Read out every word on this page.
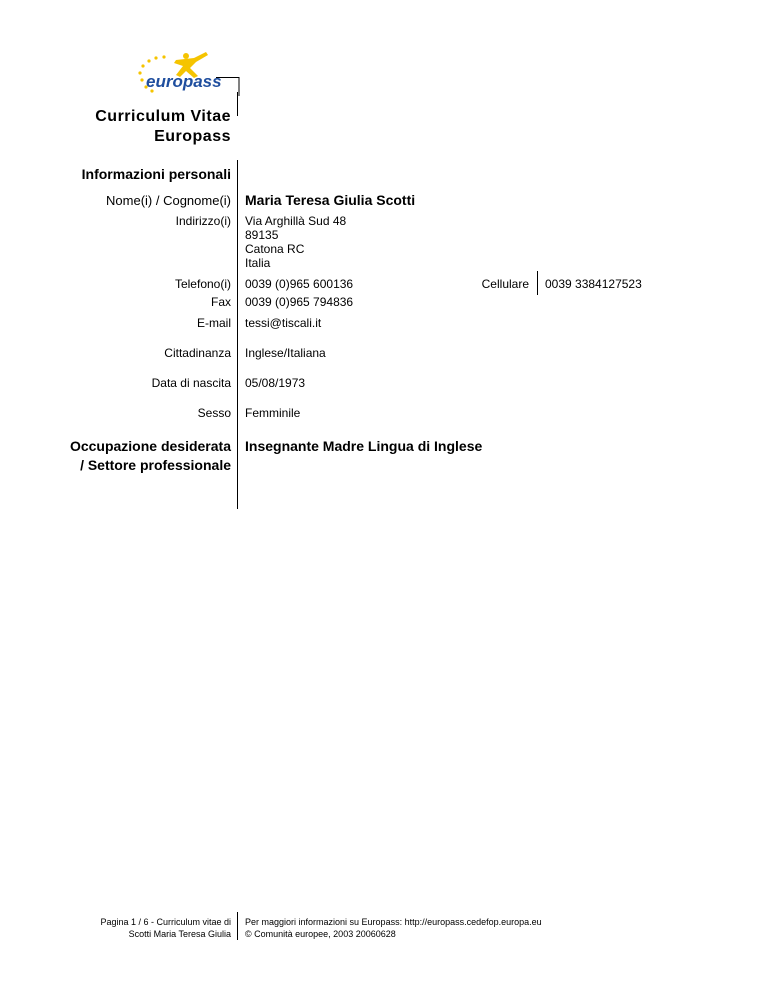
europass
Curriculum Vitae
Europass
Informazioni personali
Nome(i) / Cognome(i) Maria Teresa Giulia Scotti
Indirizzo(i) Via Arghillà Sud 48
89135
Catona RC
Italia
Telefono(i) 0039 (0)965 600136	Cellulare 0039 3384127523
Fax 0039 (0)965 794836
E-mail tessi@tiscali.it
Cittadinanza Inglese/Italiana
Data di nascita 05/08/1973
Sesso Femminile
Occupazione desiderata
/ Settore professionale
Insegnante Madre Lingua di Inglese
Pagina 1 / 6 - Curriculum vitae di
Scotti Maria Teresa Giulia
Per maggiori informazioni su Europass: http://europass.cedefop.europa.eu
© Comunità europee, 2003 20060628
